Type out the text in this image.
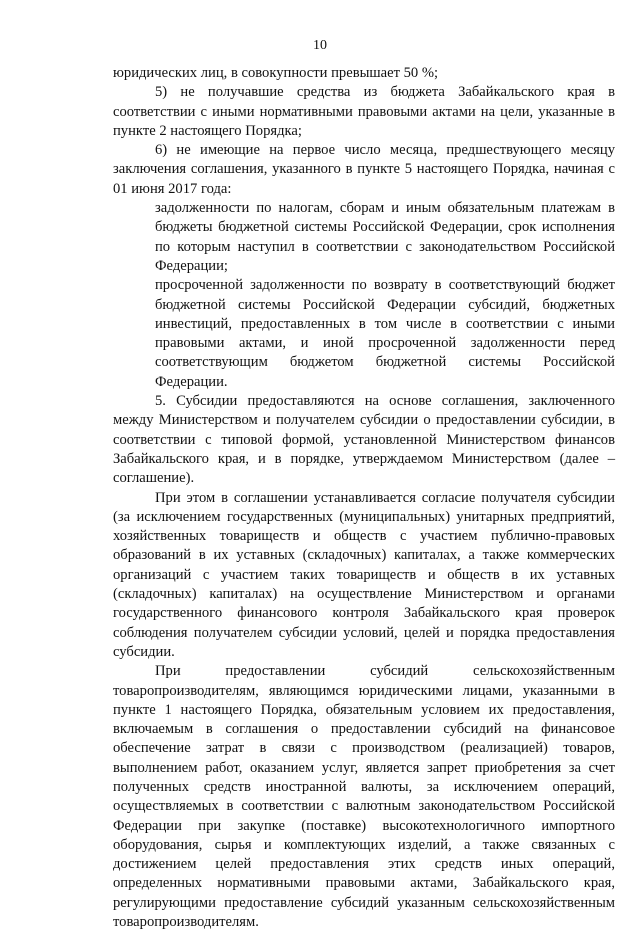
10

юридических лиц, в совокупности превышает 50 %;

5) не получавшие средства из бюджета Забайкальского края в соответствии с иными нормативными правовыми актами на цели, указанные в пункте 2 настоящего Порядка;

6) не имеющие на первое число месяца, предшествующего месяцу заключения соглашения, указанного в пункте 5 настоящего Порядка, начиная с 01 июня 2017 года:

задолженности по налогам, сборам и иным обязательным платежам в бюджеты бюджетной системы Российской Федерации, срок исполнения по которым наступил в соответствии с законодательством Российской Федерации;

просроченной задолженности по возврату в соответствующий бюджет бюджетной системы Российской Федерации субсидий, бюджетных инвестиций, предоставленных в том числе в соответствии с иными правовыми актами, и иной просроченной задолженности перед соответствующим бюджетом бюджетной системы Российской Федерации.

5. Субсидии предоставляются на основе соглашения, заключенного между Министерством и получателем субсидии о предоставлении субсидии, в соответствии с типовой формой, установленной Министерством финансов Забайкальского края, и в порядке, утверждаемом Министерством (далее – соглашение).

При этом в соглашении устанавливается согласие получателя субсидии (за исключением государственных (муниципальных) унитарных предприятий, хозяйственных товариществ и обществ с участием публично-правовых образований в их уставных (складочных) капиталах, а также коммерческих организаций с участием таких товариществ и обществ в их уставных (складочных) капиталах) на осуществление Министерством и органами государственного финансового контроля Забайкальского края проверок соблюдения получателем субсидии условий, целей и порядка предоставления субсидии.

При предоставлении субсидий сельскохозяйственным товаропроизводителям, являющимся юридическими лицами, указанными в пункте 1 настоящего Порядка, обязательным условием их предоставления, включаемым в соглашения о предоставлении субсидий на финансовое обеспечение затрат в связи с производством (реализацией) товаров, выполнением работ, оказанием услуг, является запрет приобретения за счет полученных средств иностранной валюты, за исключением операций, осуществляемых в соответствии с валютным законодательством Российской Федерации при закупке (поставке) высокотехнологичного импортного оборудования, сырья и комплектующих изделий, а также связанных с достижением целей предоставления этих средств иных операций, определенных нормативными правовыми актами, Забайкальского края, регулирующими предоставление субсидий указанным сельскохозяйственным товаропроизводителям.
